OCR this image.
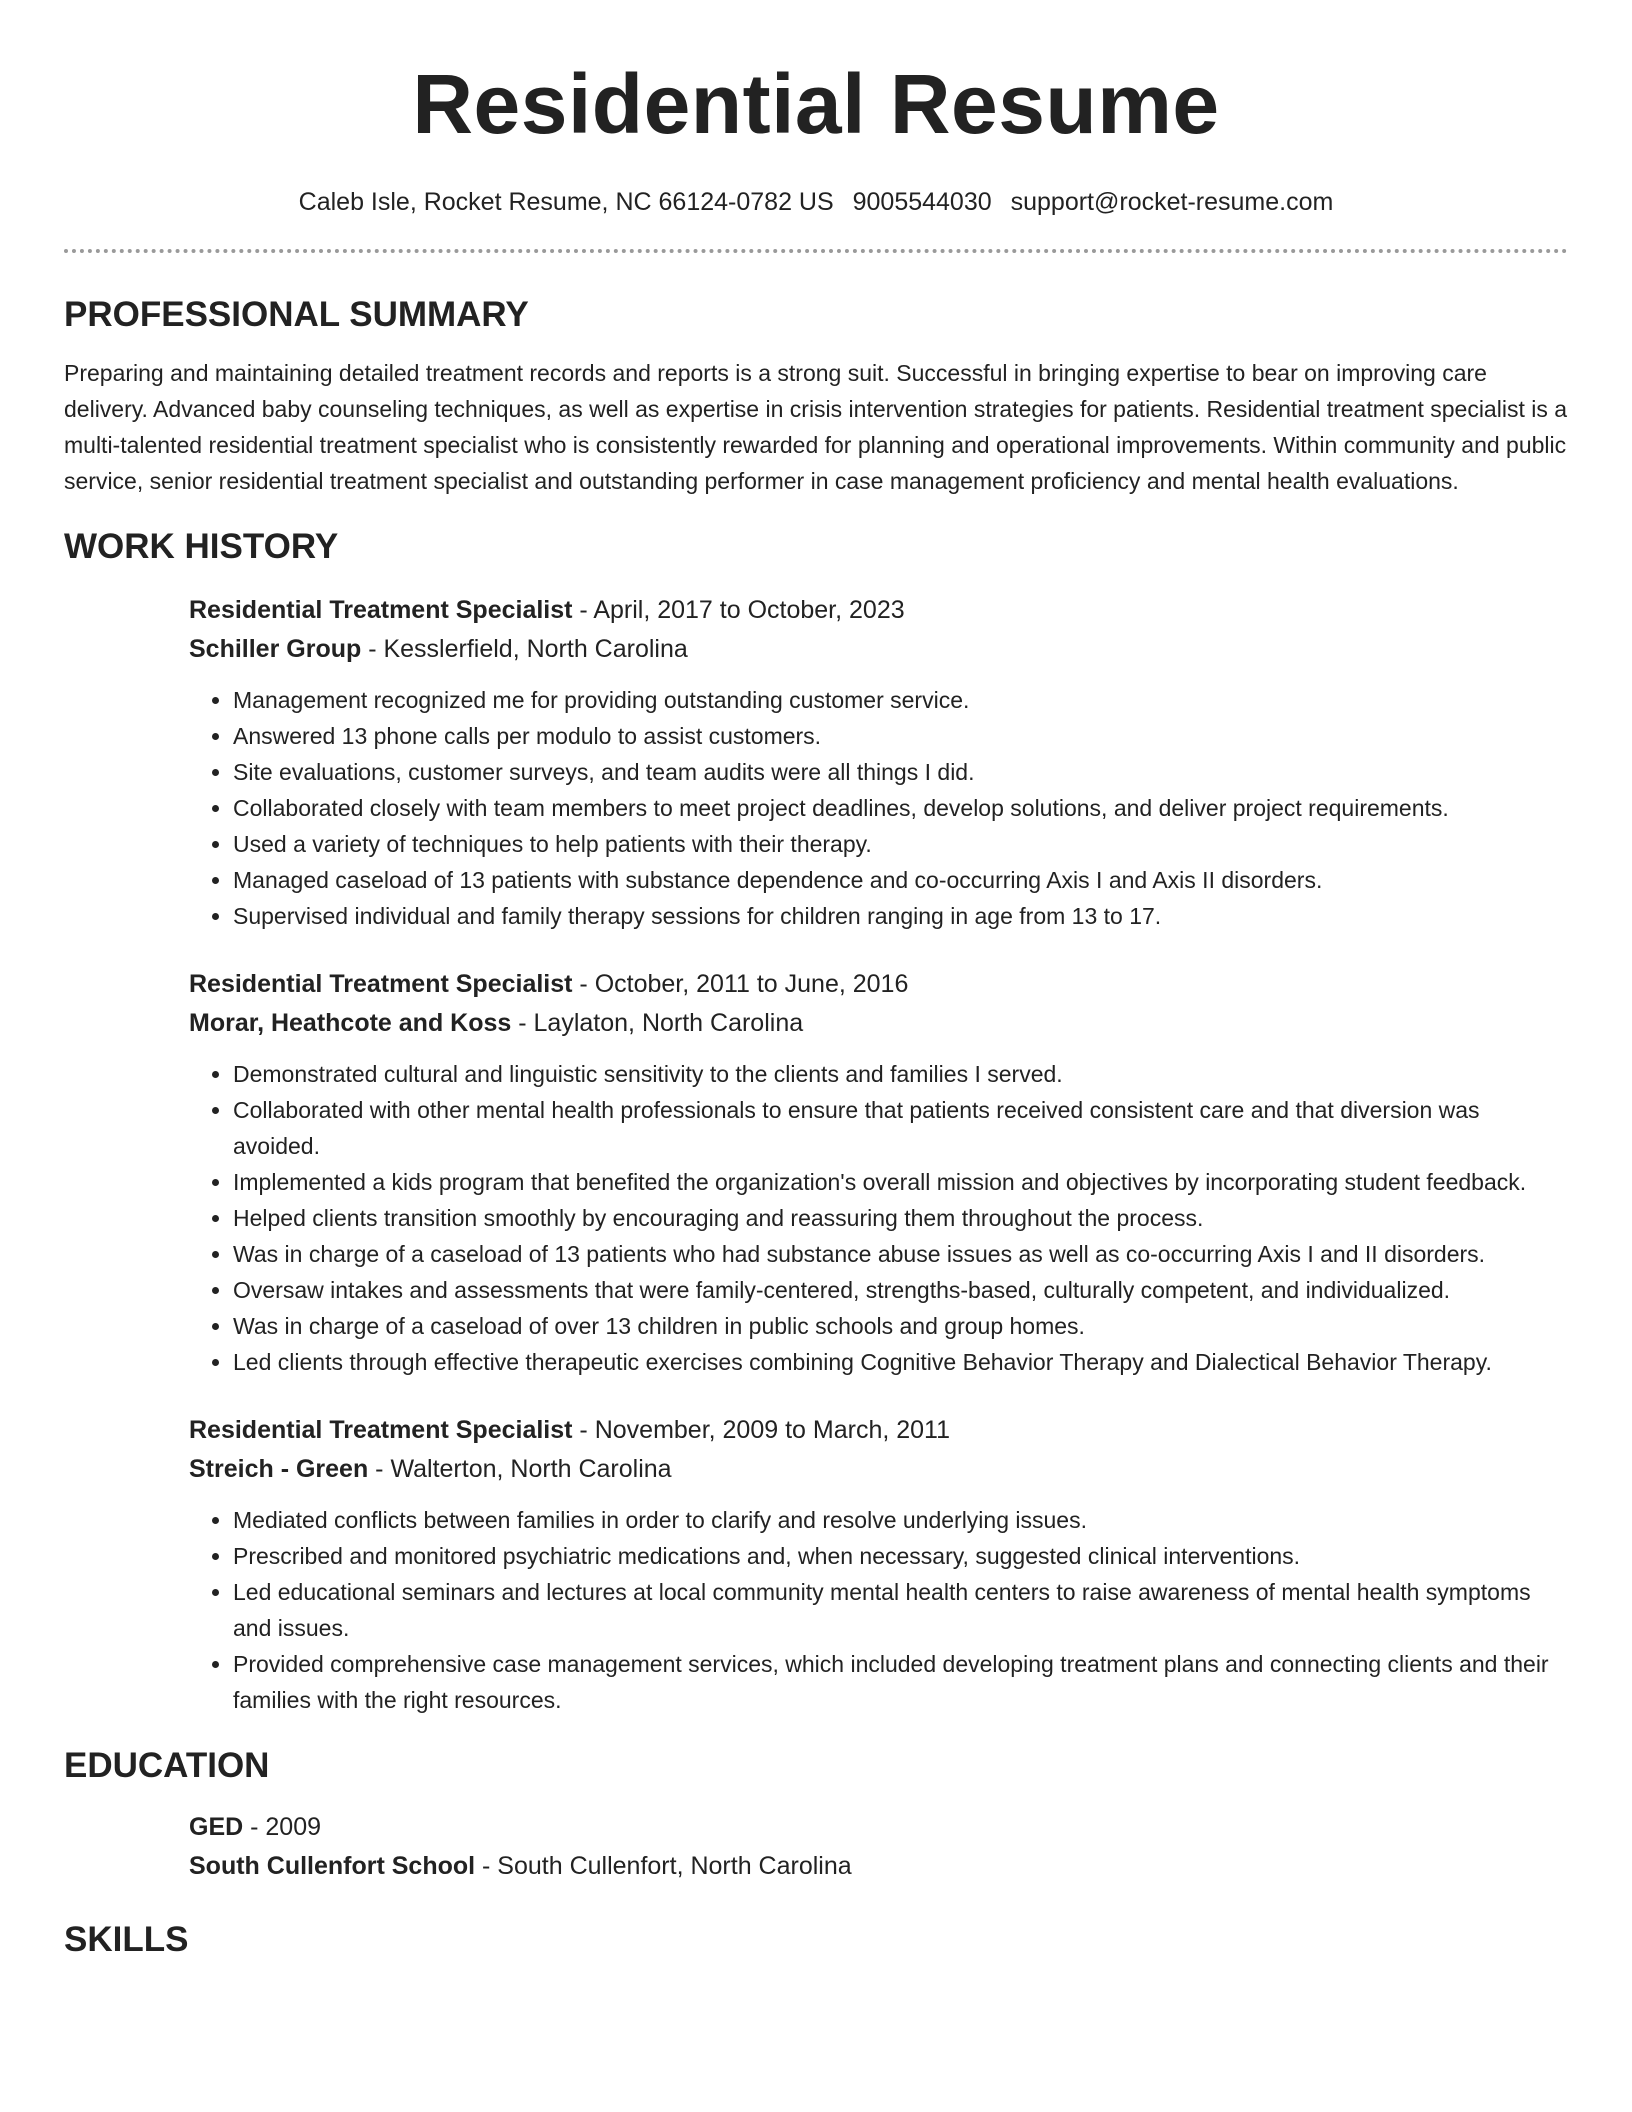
Residential Resume
Caleb Isle, Rocket Resume, NC 66124-0782 US 9005544030 support@rocket-resume.com
PROFESSIONAL SUMMARY

Preparing and maintaining detailed treatment records and reports is a strong suit. Successful in bringing expertise to bear on improving care delivery. Advanced baby counseling techniques, as well as expertise in crisis intervention strategies for patients. Residential treatment specialist is a multi-talented residential treatment specialist who is consistently rewarded for planning and operational improvements. Within community and public service, senior residential treatment specialist and outstanding performer in case management proficiency and mental health evaluations.

WORK HISTORY
Residential Treatment Specialist - April, 2017 to October, 2023
Schiller Group - Kesslerfield, North Carolina
• Management recognized me for providing outstanding customer service.
• Answered 13 phone calls per modulo to assist customers.
• Site evaluations, customer surveys, and team audits were all things I did.
• Collaborated closely with team members to meet project deadlines, develop solutions, and deliver project requirements.
• Used a variety of techniques to help patients with their therapy.
• Managed caseload of 13 patients with substance dependence and co-occurring Axis I and Axis II disorders.
• Supervised individual and family therapy sessions for children ranging in age from 13 to 17.
Residential Treatment Specialist - October, 2011 to June, 2016
Morar, Heathcote and Koss - Laylaton, North Carolina
• Demonstrated cultural and linguistic sensitivity to the clients and families I served.
• Collaborated with other mental health professionals to ensure that patients received consistent care and that diversion was avoided.
• Implemented a kids program that benefited the organization's overall mission and objectives by incorporating student feedback.
• Helped clients transition smoothly by encouraging and reassuring them throughout the process.
• Was in charge of a caseload of 13 patients who had substance abuse issues as well as co-occurring Axis I and II disorders.
• Oversaw intakes and assessments that were family-centered, strengths-based, culturally competent, and individualized.
• Was in charge of a caseload of over 13 children in public schools and group homes.
• Led clients through effective therapeutic exercises combining Cognitive Behavior Therapy and Dialectical Behavior Therapy.
Residential Treatment Specialist - November, 2009 to March, 2011
Streich - Green - Walterton, North Carolina
• Mediated conflicts between families in order to clarify and resolve underlying issues.
• Prescribed and monitored psychiatric medications and, when necessary, suggested clinical interventions.
• Led educational seminars and lectures at local community mental health centers to raise awareness of mental health symptoms and issues.
• Provided comprehensive case management services, which included developing treatment plans and connecting clients and their families with the right resources.
EDUCATION
GED - 2009
South Cullenfort School - South Cullenfort, North Carolina
SKILLS
